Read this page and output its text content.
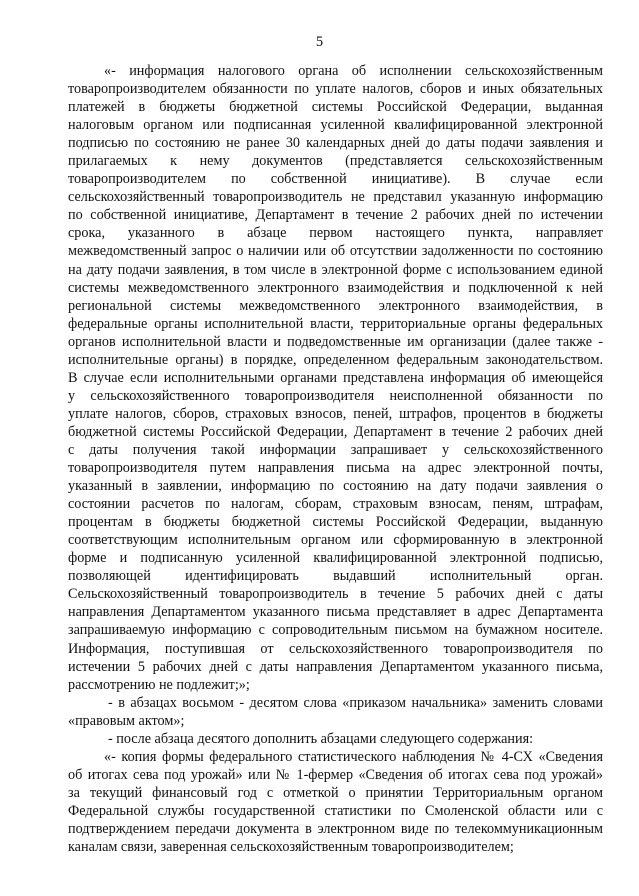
5
«- информация налогового органа об исполнении сельскохозяйственным
товаропроизводителем обязанности по уплате налогов, сборов и иных обязательных
платежей в бюджеты бюджетной системы Российской Федерации, выданная
налоговым органом или подписанная усиленной квалифицированной электронной
подписью по состоянию не ранее 30 календарных дней до даты подачи заявления и
прилагаемых к нему документов (представляется сельскохозяйственным
товаропроизводителем по собственной инициативе). В случае если
сельскохозяйственный товаропроизводитель не представил указанную информацию
по собственной инициативе, Департамент в течение 2 рабочих дней по истечении
срока, указанного в абзаце первом настоящего пункта, направляет
межведомственный запрос о наличии или об отсутствии задолженности по состоянию
на дату подачи заявления, в том числе в электронной форме с использованием единой
системы межведомственного электронного взаимодействия и подключенной к ней
региональной системы межведомственного электронного взаимодействия, в
федеральные органы исполнительной власти, территориальные органы федеральных
органов исполнительной власти и подведомственные им организации (далее также -
исполнительные органы) в порядке, определенном федеральным законодательством.
В случае если исполнительными органами представлена информация об имеющейся
у сельскохозяйственного товаропроизводителя неисполненной обязанности по
уплате налогов, сборов, страховых взносов, пеней, штрафов, процентов в бюджеты
бюджетной системы Российской Федерации, Департамент в течение 2 рабочих дней
с даты получения такой информации запрашивает у сельскохозяйственного
товаропроизводителя путем направления письма на адрес электронной почты,
указанный в заявлении, информацию по состоянию на дату подачи заявления о
состоянии расчетов по налогам, сборам, страховым взносам, пеням, штрафам,
процентам в бюджеты бюджетной системы Российской Федерации, выданную
соответствующим исполнительным органом или сформированную в электронной
форме и подписанную усиленной квалифицированной электронной подписью,
позволяющей идентифицировать выдавший исполнительный орган.
Сельскохозяйственный товаропроизводитель в течение 5 рабочих дней с даты
направления Департаментом указанного письма представляет в адрес Департамента
запрашиваемую информацию с сопроводительным письмом на бумажном носителе.
Информация, поступившая от сельскохозяйственного товаропроизводителя по
истечении 5 рабочих дней с даты направления Департаментом указанного письма,
рассмотрению не подлежит;»;
- в абзацах восьмом - десятом слова «приказом начальника» заменить словами
«правовым актом»;
- после абзаца десятого дополнить абзацами следующего содержания:
«- копия формы федерального статистического наблюдения № 4-СХ «Сведения
об итогах сева под урожай» или № 1-фермер «Сведения об итогах сева под урожай»
за текущий финансовый год с отметкой о принятии Территориальным органом
Федеральной службы государственной статистики по Смоленской области или с
подтверждением передачи документа в электронном виде по телекоммуникационным
каналам связи, заверенная сельскохозяйственным товаропроизводителем;
